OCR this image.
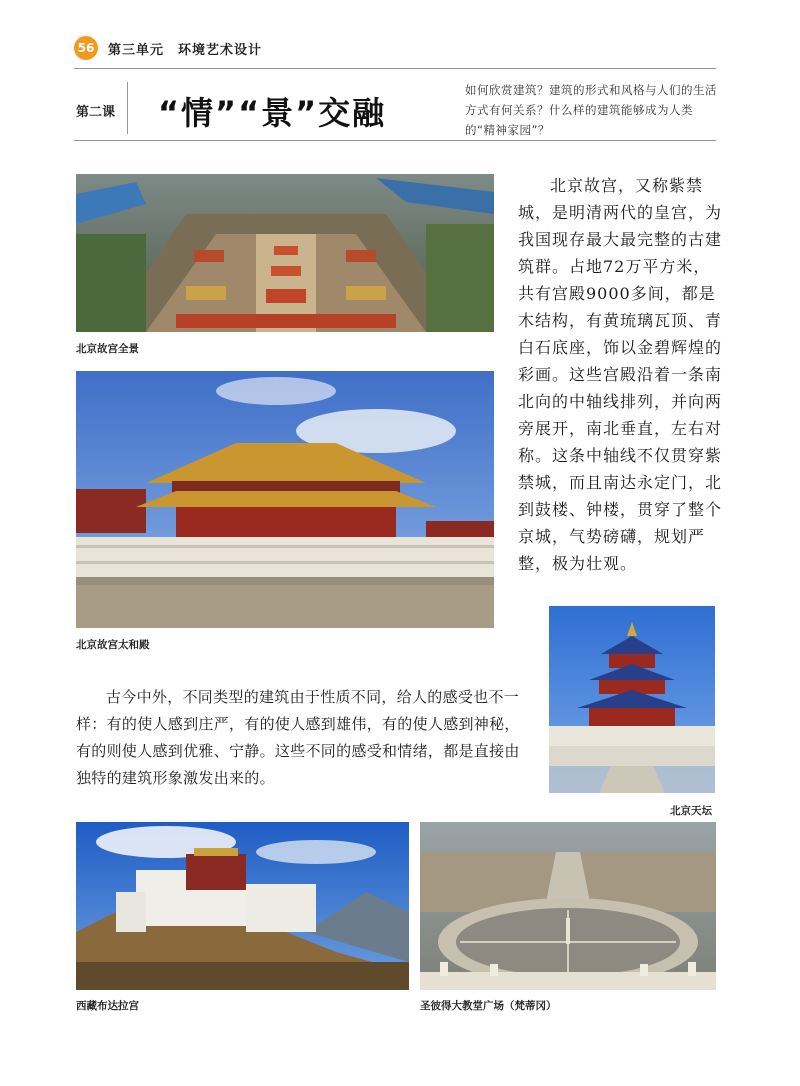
56 第三单元　环境艺术设计
第二课 “情”“景”交融
如何欣赏建筑？建筑的形式和风格与人们的生活方式有何关系？什么样的建筑能够成为人类的“精神家园”？
北京故宫全景
北京故宫太和殿

北京故宫，又称紫禁城，是明清两代的皇宫，为我国现存最大最完整的古建筑群。占地72万平方米，共有宫殿9000多间，都是木结构，有黄琉璃瓦顶、青白石底座，饰以金碧辉煌的彩画。这些宫殿沿着一条南北向的中轴线排列，并向两旁展开，南北垂直，左右对称。这条中轴线不仅贯穿紫禁城，而且南达永定门，北到鼓楼、钟楼，贯穿了整个京城，气势磅礴，规划严整，极为壮观。

北京天坛

古今中外，不同类型的建筑由于性质不同，给人的感受也不一样：有的使人感到庄严，有的使人感到雄伟，有的使人感到神秘，有的则使人感到优雅、宁静。这些不同的感受和情绪，都是直接由独特的建筑形象激发出来的。

西藏布达拉宫	圣彼得大教堂广场（梵蒂冈）
